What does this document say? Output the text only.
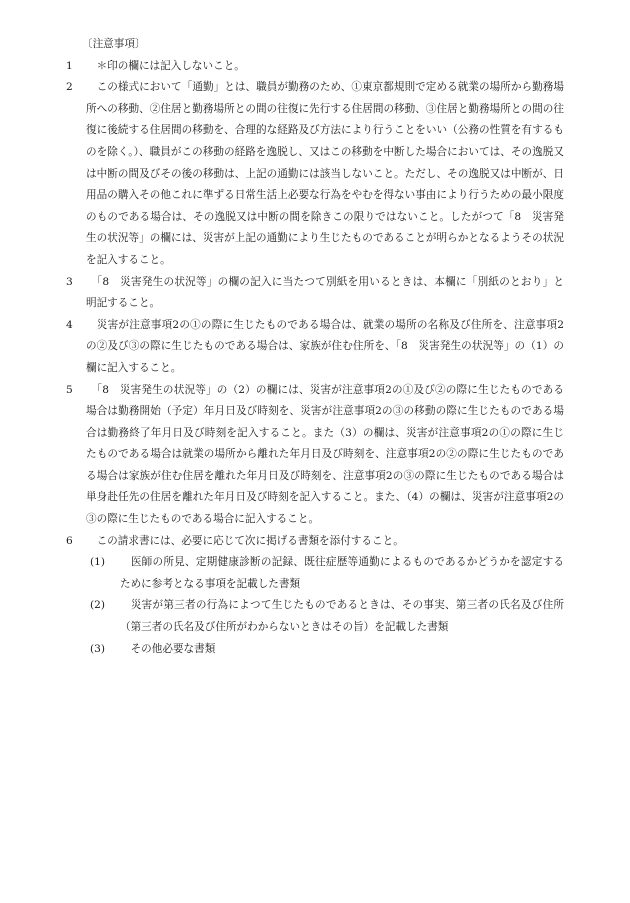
〔注意事項〕
1	　＊印の欄には記入しないこと。
2	　この様式において「通勤」とは、職員が勤務のため、①東京都規則で定める就業の場所から勤務場所への移動、②住居と勤務場所との間の往復に先行する住居間の移動、③住居と勤務場所との間の往復に後続する住居間の移動を、合理的な経路及び方法により行うことをいい（公務の性質を有するものを除く。）、職員がこの移動の経路を逸脱し、又はこの移動を中断した場合においては、その逸脱又は中断の間及びその後の移動は、上記の通勤には該当しないこと。ただし、その逸脱又は中断が、日用品の購入その他これに準ずる日常生活上必要な行為をやむを得ない事由により行うための最小限度のものである場合は、その逸脱又は中断の間を除きこの限りではないこと。したがつて「8　災害発生の状況等」の欄には、災害が上記の通勤により生じたものであることが明らかとなるようその状況を記入すること。
3	　「8　災害発生の状況等」の欄の記入に当たつて別紙を用いるときは、本欄に「別紙のとおり」と明記すること。
4	　災害が注意事項2の①の際に生じたものである場合は、就業の場所の名称及び住所を、注意事項2の②及び③の際に生じたものである場合は、家族が住む住所を、「8　災害発生の状況等」の（1）の欄に記入すること。
5	　「8　災害発生の状況等」の（2）の欄には、災害が注意事項2の①及び②の際に生じたものである場合は勤務開始（予定）年月日及び時刻を、災害が注意事項2の③の移動の際に生じたものである場合は勤務終了年月日及び時刻を記入すること。また（3）の欄は、災害が注意事項2の①の際に生じたものである場合は就業の場所から離れた年月日及び時刻を、注意事項2の②の際に生じたものである場合は家族が住む住居を離れた年月日及び時刻を、注意事項2の③の際に生じたものである場合は単身赴任先の住居を離れた年月日及び時刻を記入すること。また、（4）の欄は、災害が注意事項2の③の際に生じたものである場合に記入すること。
6	　この請求書には、必要に応じて次に掲げる書類を添付すること。
(1)	　医師の所見、定期健康診断の記録、既往症歴等通勤によるものであるかどうかを認定するために参考となる事項を記載した書類
(2)	　災害が第三者の行為によつて生じたものであるときは、その事実、第三者の氏名及び住所（第三者の氏名及び住所がわからないときはその旨）を記載した書類
(3)	　その他必要な書類
